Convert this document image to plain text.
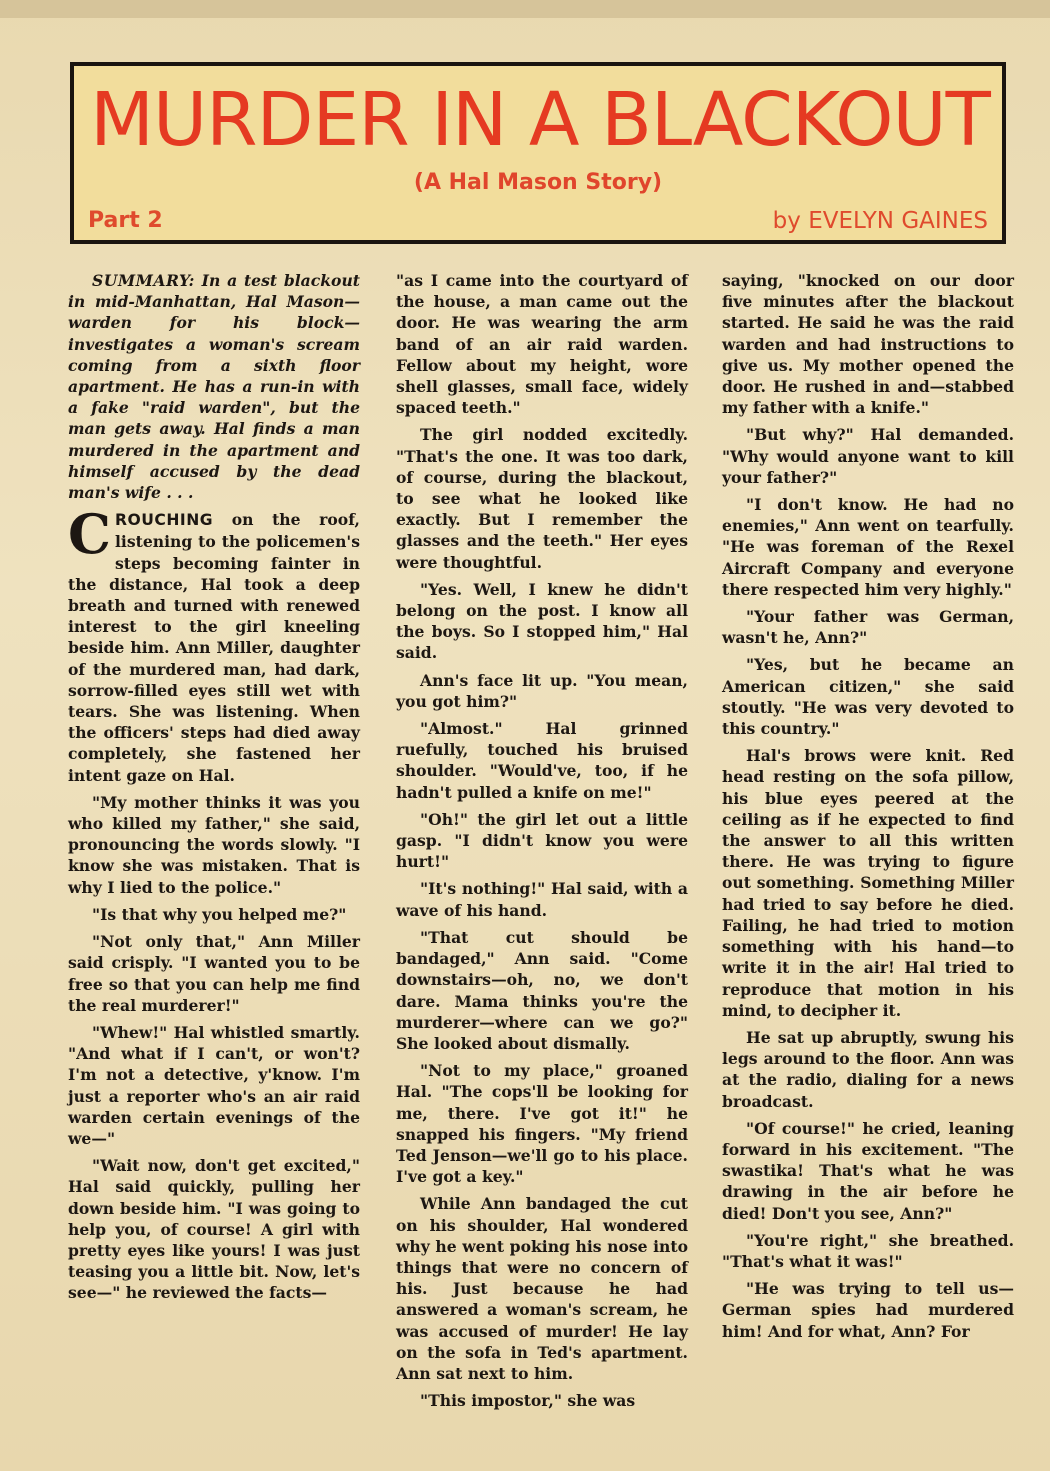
MURDER IN A BLACKOUT
(A Hal Mason Story)
Part 2	by EVELYN GAINES

SUMMARY: In a test blackout in mid-Manhattan, Hal Mason—warden for his block—investigates a woman's scream coming from a sixth floor apartment. He has a run-in with a fake "raid warden", but the man gets away. Hal finds a man murdered in the apartment and himself accused by the dead man's wife . . .

CROUCHING on the roof, listening to the policemen's steps becoming fainter in the distance, Hal took a deep breath and turned with renewed interest to the girl kneeling beside him. Ann Miller, daughter of the murdered man, had dark, sorrow-filled eyes still wet with tears. She was listening. When the officers' steps had died away completely, she fastened her intent gaze on Hal.

"My mother thinks it was you who killed my father," she said, pronouncing the words slowly. "I know she was mistaken. That is why I lied to the police."

"Is that why you helped me?"

"Not only that," Ann Miller said crisply. "I wanted you to be free so that you can help me find the real murderer!"

"Whew!" Hal whistled smartly. "And what if I can't, or won't? I'm not a detective, y'know. I'm just a reporter who's an air raid warden certain evenings of the we—"

"Wait now, don't get excited," Hal said quickly, pulling her down beside him. "I was going to help you, of course! A girl with pretty eyes like yours! I was just teasing you a little bit. Now, let's see—" he reviewed the facts—

"as I came into the courtyard of the house, a man came out the door. He was wearing the arm band of an air raid warden. Fellow about my height, wore shell glasses, small face, widely spaced teeth."

The girl nodded excitedly. "That's the one. It was too dark, of course, during the blackout, to see what he looked like exactly. But I remember the glasses and the teeth." Her eyes were thoughtful.

"Yes. Well, I knew he didn't belong on the post. I know all the boys. So I stopped him," Hal said.

Ann's face lit up. "You mean, you got him?"

"Almost." Hal grinned ruefully, touched his bruised shoulder. "Would've, too, if he hadn't pulled a knife on me!"

"Oh!" the girl let out a little gasp. "I didn't know you were hurt!"

"It's nothing!" Hal said, with a wave of his hand.

"That cut should be bandaged," Ann said. "Come downstairs—oh, no, we don't dare. Mama thinks you're the murderer—where can we go?" She looked about dismally.

"Not to my place," groaned Hal. "The cops'll be looking for me, there. I've got it!" he snapped his fingers. "My friend Ted Jenson—we'll go to his place. I've got a key."

While Ann bandaged the cut on his shoulder, Hal wondered why he went poking his nose into things that were no concern of his. Just because he had answered a woman's scream, he was accused of murder! He lay on the sofa in Ted's apartment. Ann sat next to him.

"This impostor," she was

saying, "knocked on our door five minutes after the blackout started. He said he was the raid warden and had instructions to give us. My mother opened the door. He rushed in and—stabbed my father with a knife."

"But why?" Hal demanded. "Why would anyone want to kill your father?"

"I don't know. He had no enemies," Ann went on tearfully. "He was foreman of the Rexel Aircraft Company and everyone there respected him very highly."

"Your father was German, wasn't he, Ann?"

"Yes, but he became an American citizen," she said stoutly. "He was very devoted to this country."

Hal's brows were knit. Red head resting on the sofa pillow, his blue eyes peered at the ceiling as if he expected to find the answer to all this written there. He was trying to figure out something. Something Miller had tried to say before he died. Failing, he had tried to motion something with his hand—to write it in the air! Hal tried to reproduce that motion in his mind, to decipher it.

He sat up abruptly, swung his legs around to the floor. Ann was at the radio, dialing for a news broadcast.

"Of course!" he cried, leaning forward in his excitement. "The swastika! That's what he was drawing in the air before he died! Don't you see, Ann?"

"You're right," she breathed. "That's what it was!"

"He was trying to tell us—German spies had murdered him! And for what, Ann? For
